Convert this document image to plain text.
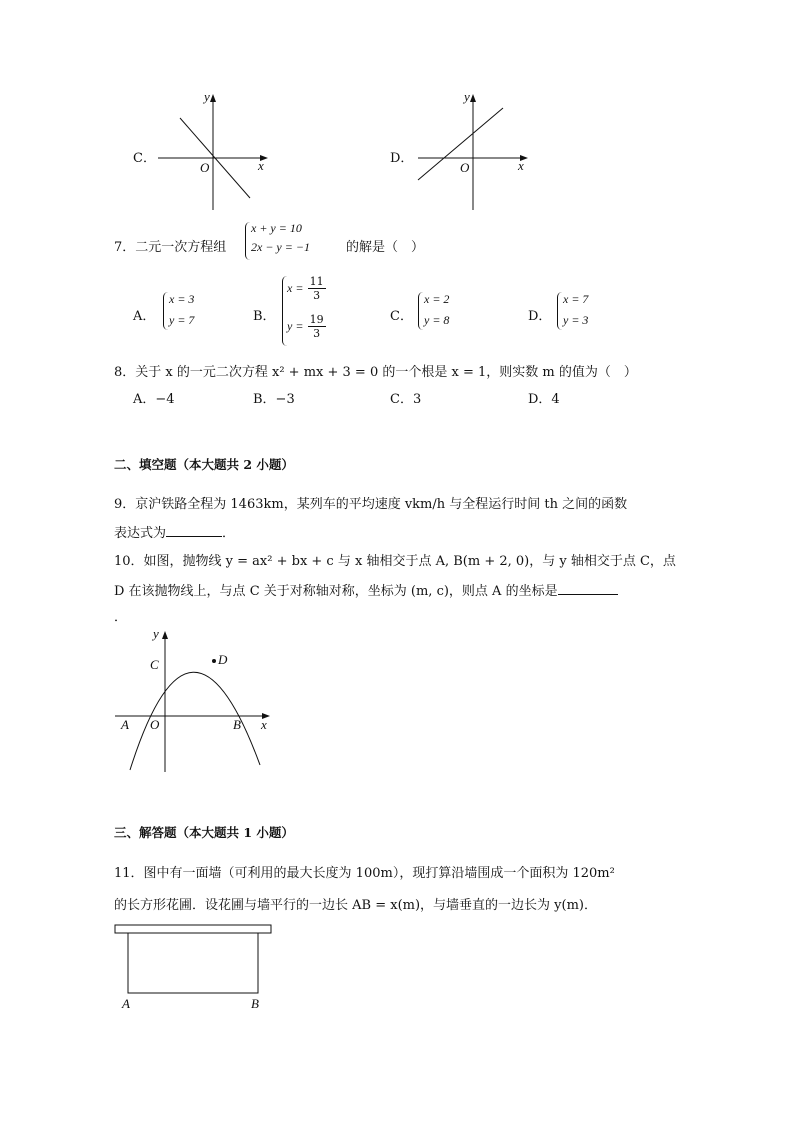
C．
y
x
O
D．
y
x
O
7．二元一次方程组
x + y = 10
2x − y = −1	的解是（　）
A．
x = 3
y = 7	B．
$x = \frac{11}{3}$
$y = \frac{19}{3}$	C．
x = 2
y = 8	D．
x = 7
y = 3
8．关于 x 的一元二次方程 x² + mx + 3 = 0 的一个根是 x = 1，则实数 m 的值为（　）
A．−4	B．−3	C．3	D．4
二、填空题（本大题共 2 小题）
9．京沪铁路全程为 1463km，某列车的平均速度 vkm/h 与全程运行时间 th 之间的函数
表达式为	．
10．如图，抛物线 y = ax² + bx + c 与 x 轴相交于点 A, B(m + 2, 0)，与 y 轴相交于点 C，点
D 在该抛物线上，与点 C 关于对称轴对称，坐标为 (m, c)，则点 A 的坐标是
．
y
x
C	D
A O	B
三、解答题（本大题共 1 小题）
11．图中有一面墙（可利用的最大长度为 100m），现打算沿墙围成一个面积为 120m²
的长方形花圃．设花圃与墙平行的一边长 AB = x(m)，与墙垂直的一边长为 y(m)．
A	B
